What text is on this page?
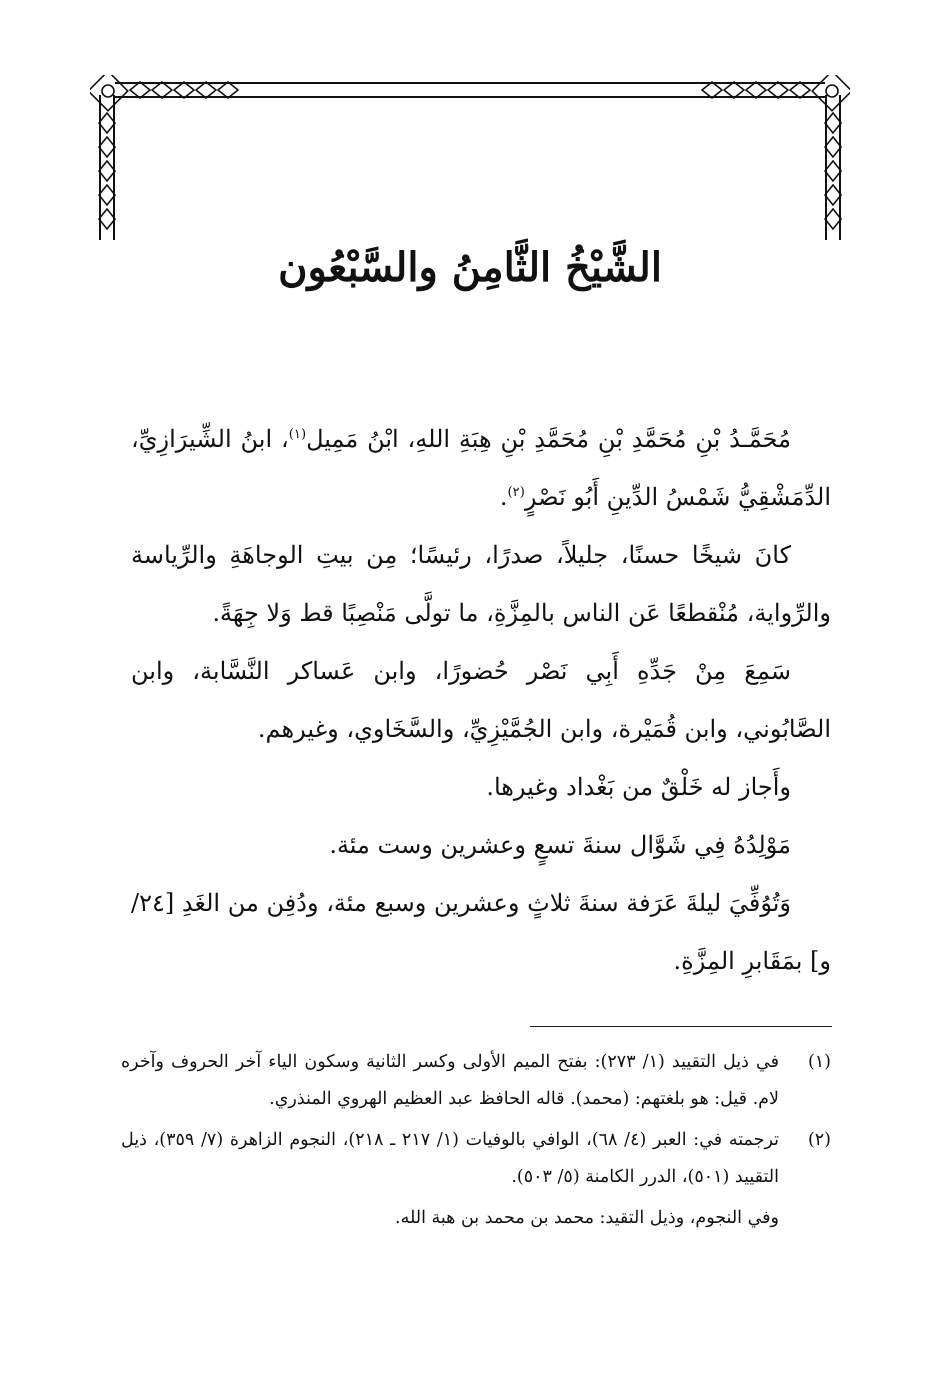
الشَّيْخُ الثَّامِنُ والسَّبْعُون

مُحَمَّـدُ بْنِ مُحَمَّدِ بْنِ مُحَمَّدِ بْنِ هِبَةِ اللهِ، ابْنُ مَمِيل$^{(١)}$، ابنُ الشِّيرَازِيِّ، الدِّمَشْقِيُّ شَمْسُ الدِّينِ أَبُو نَصْرٍ$^{(٢)}$.

كانَ شيخًا حسنًا، جليلاً، صدرًا، رئيسًا؛ مِن بيتِ الوجاهَةِ والرِّياسة والرِّواية، مُنْقطعًا عَن الناس بالمِزَّةِ، ما تولَّى مَنْصِبًا قط وَلا جِهَةً.

سَمِعَ مِنْ جَدِّهِ أَبِي نَصْر حُضورًا، وابن عَساكر النَّسَّابة، وابن الصَّابُوني، وابن قُمَيْرة، وابن الجُمَّيْزِيِّ، والسَّخَاوي، وغيرهم.

وأَجاز له خَلْقٌ من بَغْداد وغيرها.

مَوْلِدُهُ فِي شَوَّال سنةَ تسعٍ وعشرين وست مئة.

وَتُوُفِّيَ ليلةَ عَرَفة سنةَ ثلاثٍ وعشرين وسبع مئة، ودُفِن من الغَدِ [٢٤/ و] بمَقَابرِ المِزَّةِ.

(١)
في ذيل التقييد (١/ ٢٧٣): بفتح الميم الأولى وكسر الثانية وسكون الياء آخر الحروف وآخره لام. قيل: هو بلغتهم: (محمد). قاله الحافظ عبد العظيم الهروي المنذري.
(٢)
ترجمته في: العبر (٤/ ٦٨)، الوافي بالوفيات (١/ ٢١٧ ـ ٢١٨)، النجوم الزاهرة (٧/ ٣٥٩)، ذيل التقييد (٥٠١)، الدرر الكامنة (٥/ ٥٠٣).

وفي النجوم، وذيل التقيد: محمد بن محمد بن هبة الله.
